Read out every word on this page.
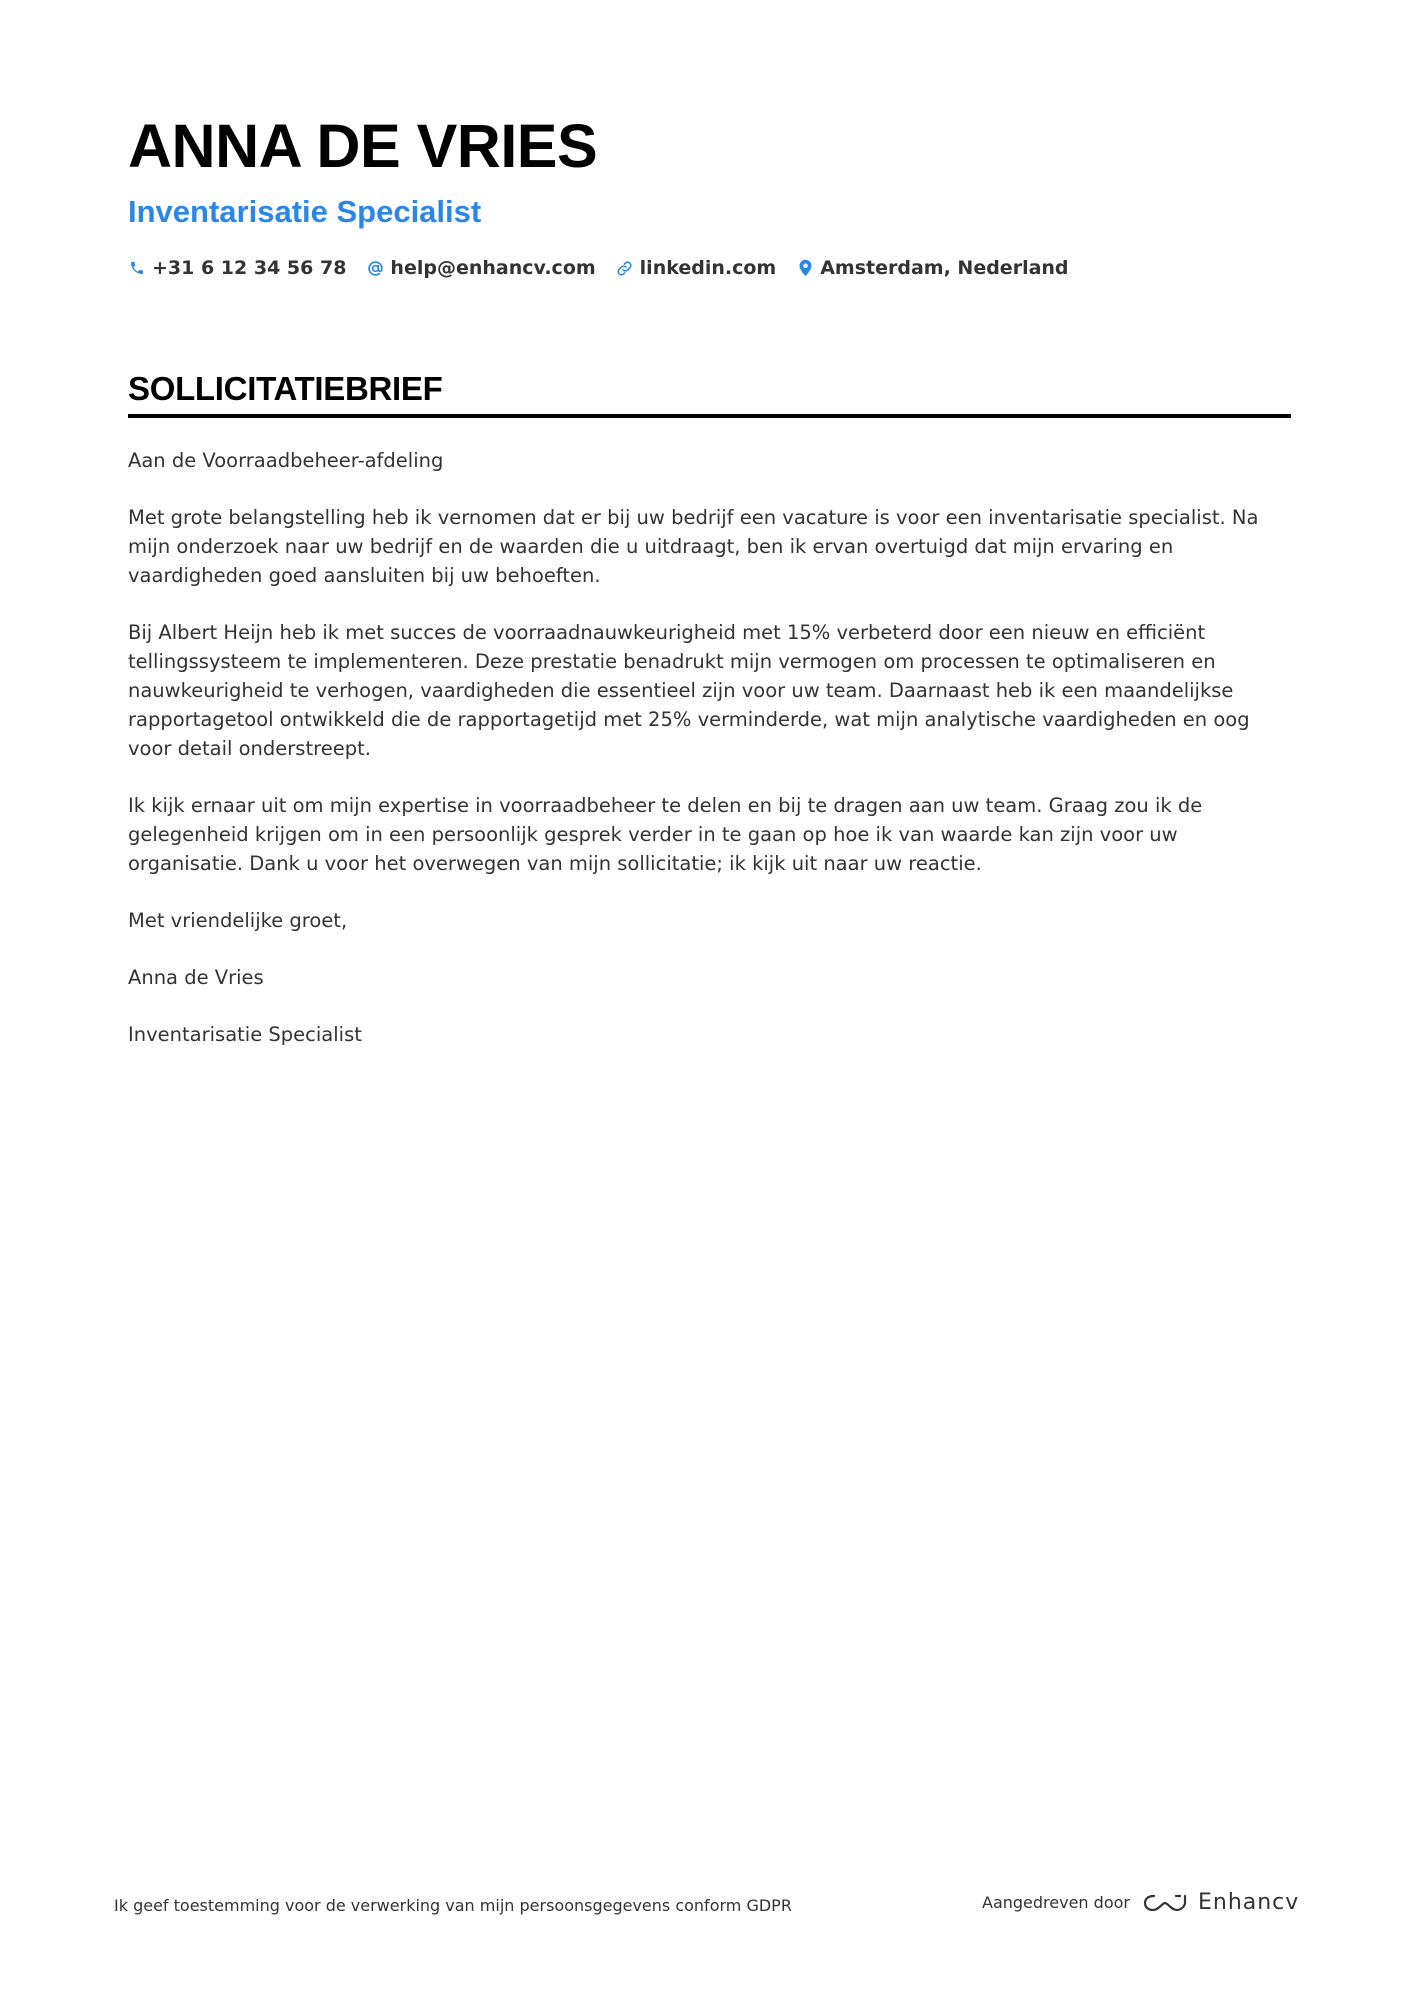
ANNA DE VRIES
Inventarisatie Specialist
+31 6 12 34 56 78 help@enhancv.com linkedin.com Amsterdam, Nederland
SOLLICITATIEBRIEF

Aan de Voorraadbeheer-afdeling

Met grote belangstelling heb ik vernomen dat er bij uw bedrijf een vacature is voor een inventarisatie specialist. Na mijn onderzoek naar uw bedrijf en de waarden die u uitdraagt, ben ik ervan overtuigd dat mijn ervaring en vaardigheden goed aansluiten bij uw behoeften.

Bij Albert Heijn heb ik met succes de voorraadnauwkeurigheid met 15% verbeterd door een nieuw en efficiënt tellingssysteem te implementeren. Deze prestatie benadrukt mijn vermogen om processen te optimaliseren en nauwkeurigheid te verhogen, vaardigheden die essentieel zijn voor uw team. Daarnaast heb ik een maandelijkse rapportagetool ontwikkeld die de rapportagetijd met 25% verminderde, wat mijn analytische vaardigheden en oog voor detail onderstreept.

Ik kijk ernaar uit om mijn expertise in voorraadbeheer te delen en bij te dragen aan uw team. Graag zou ik de gelegenheid krijgen om in een persoonlijk gesprek verder in te gaan op hoe ik van waarde kan zijn voor uw organisatie. Dank u voor het overwegen van mijn sollicitatie; ik kijk uit naar uw reactie.

Met vriendelijke groet,

Anna de Vries

Inventarisatie Specialist

Ik geef toestemming voor de verwerking van mijn persoonsgegevens conform GDPR	Aangedreven door	Enhancv
